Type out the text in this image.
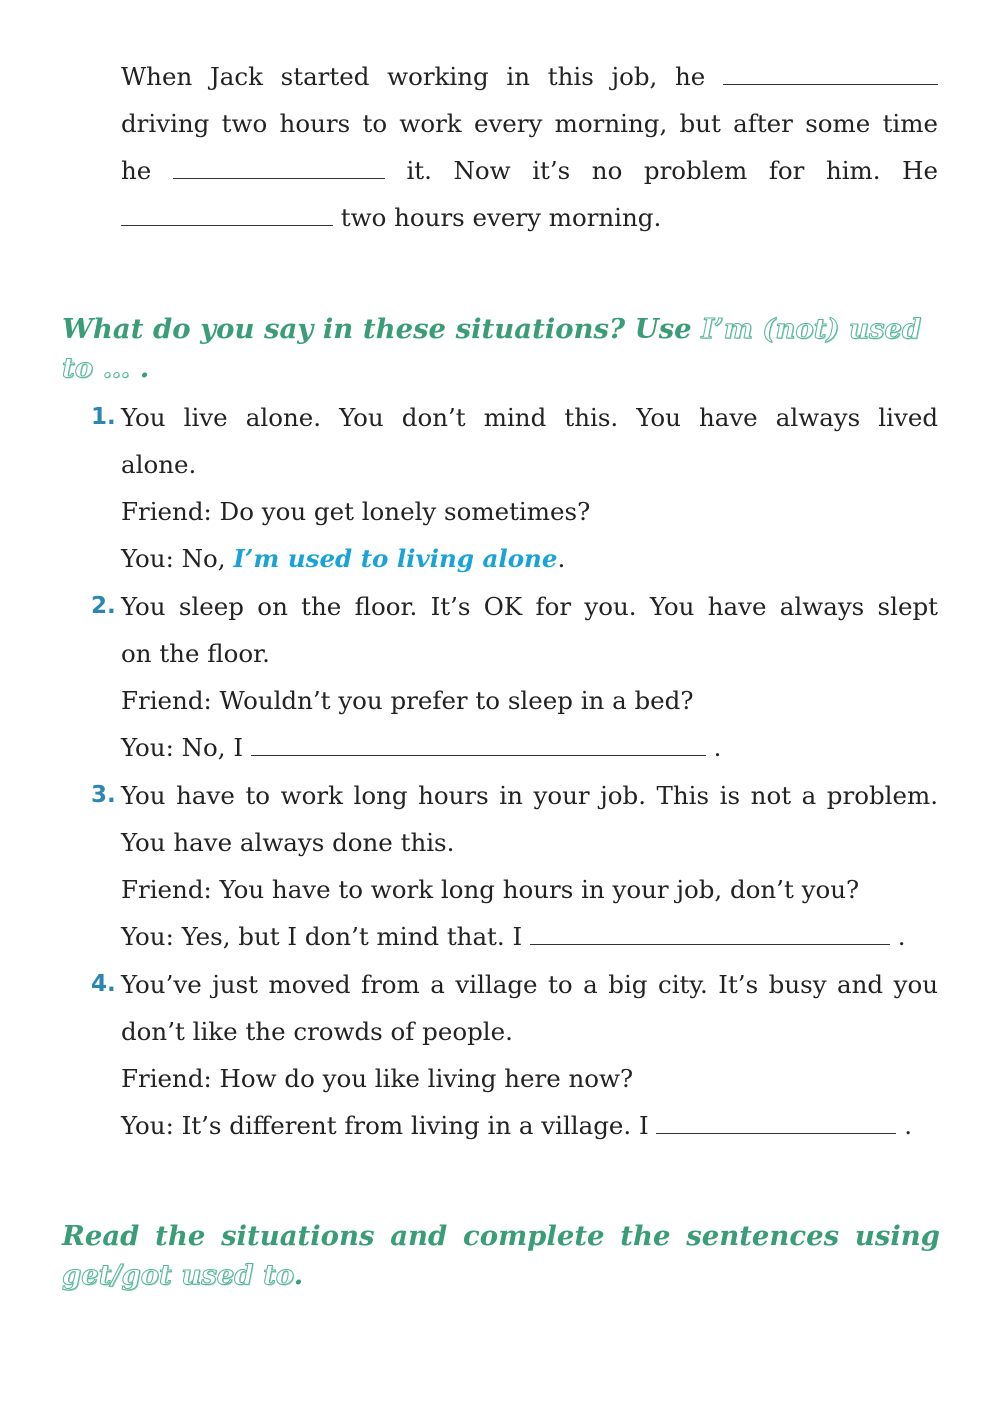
When Jack started working in this job, he
driving two hours to work every morning, but after some time
he	it. Now it’s no problem for him. He
two hours every morning.
What do you say in these situations? Use I’m (not) used
to … .
1. You live alone. You don’t mind this. You have always lived
alone.
Friend: Do you get lonely sometimes?
You: No, I’m used to living alone.
2. You sleep on the floor. It’s OK for you. You have always slept
on the floor.
Friend: Wouldn’t you prefer to sleep in a bed?
You: No, I	.
3. You have to work long hours in your job. This is not a problem.
You have always done this.
Friend: You have to work long hours in your job, don’t you?
You: Yes, but I don’t mind that. I	.
4. You’ve just moved from a village to a big city. It’s busy and you
don’t like the crowds of people.
Friend: How do you like living here now?
You: It’s different from living in a village. I	.
Read the situations and complete the sentences using
get/got used to.
